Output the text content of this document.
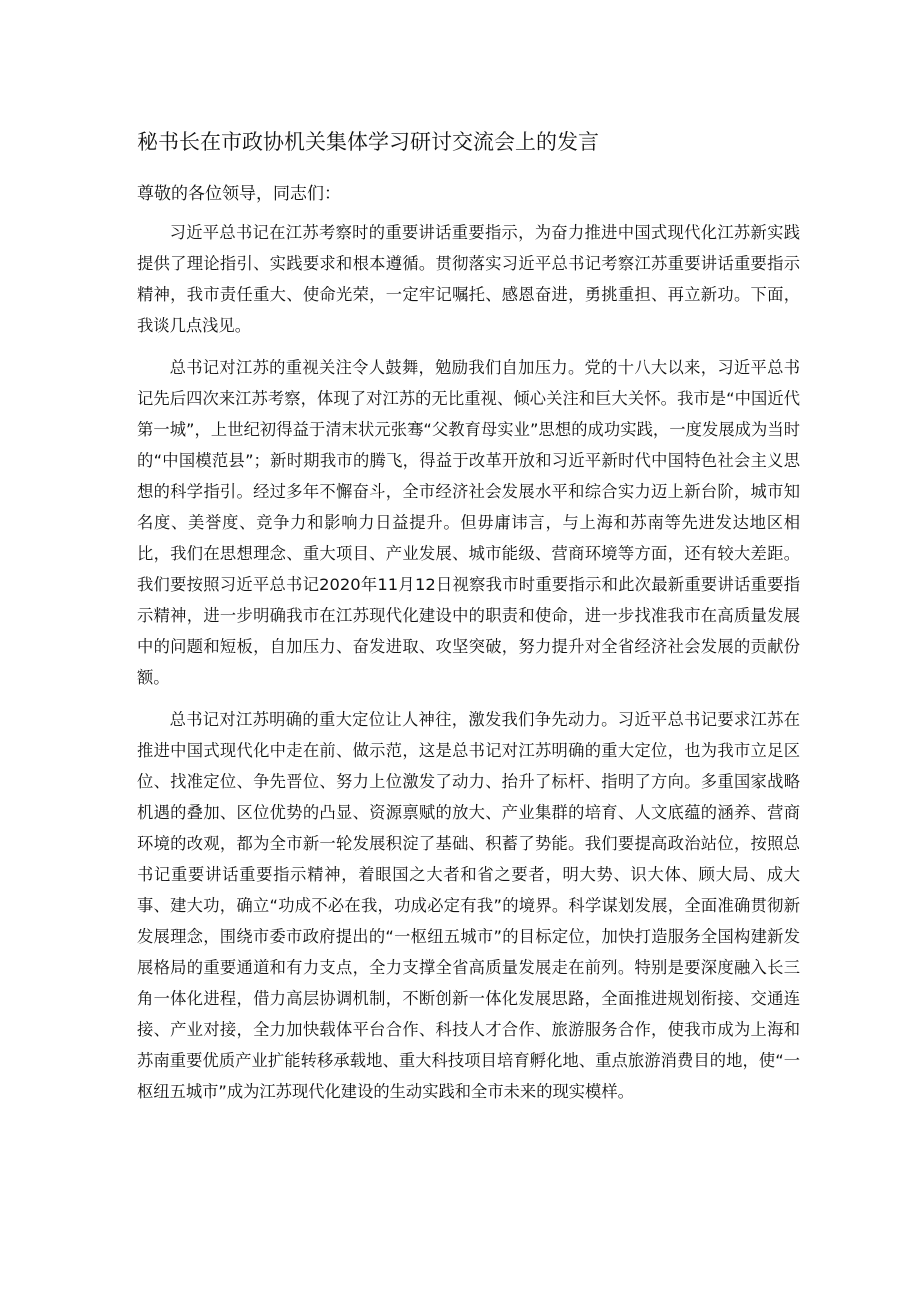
秘书长在市政协机关集体学习研讨交流会上的发言

尊敬的各位领导，同志们：

习近平总书记在江苏考察时的重要讲话重要指示，为奋力推进中国式现代化江苏新实践提供了理论指引、实践要求和根本遵循。贯彻落实习近平总书记考察江苏重要讲话重要指示精神，我市责任重大、使命光荣，一定牢记嘱托、感恩奋进，勇挑重担、再立新功。下面，我谈几点浅见。

总书记对江苏的重视关注令人鼓舞，勉励我们自加压力。党的十八大以来，习近平总书记先后四次来江苏考察，体现了对江苏的无比重视、倾心关注和巨大关怀。我市是“中国近代第一城”，上世纪初得益于清末状元张骞“父教育母实业”思想的成功实践，一度发展成为当时的“中国模范县”；新时期我市的腾飞，得益于改革开放和习近平新时代中国特色社会主义思想的科学指引。经过多年不懈奋斗，全市经济社会发展水平和综合实力迈上新台阶，城市知名度、美誉度、竞争力和影响力日益提升。但毋庸讳言，与上海和苏南等先进发达地区相比，我们在思想理念、重大项目、产业发展、城市能级、营商环境等方面，还有较大差距。我们要按照习近平总书记2020年11月12日视察我市时重要指示和此次最新重要讲话重要指示精神，进一步明确我市在江苏现代化建设中的职责和使命，进一步找准我市在高质量发展中的问题和短板，自加压力、奋发进取、攻坚突破，努力提升对全省经济社会发展的贡献份额。

总书记对江苏明确的重大定位让人神往，激发我们争先动力。习近平总书记要求江苏在推进中国式现代化中走在前、做示范，这是总书记对江苏明确的重大定位，也为我市立足区位、找准定位、争先晋位、努力上位激发了动力、抬升了标杆、指明了方向。多重国家战略机遇的叠加、区位优势的凸显、资源禀赋的放大、产业集群的培育、人文底蕴的涵养、营商环境的改观，都为全市新一轮发展积淀了基础、积蓄了势能。我们要提高政治站位，按照总书记重要讲话重要指示精神，着眼国之大者和省之要者，明大势、识大体、顾大局、成大事、建大功，确立“功成不必在我，功成必定有我”的境界。科学谋划发展，全面准确贯彻新发展理念，围绕市委市政府提出的“一枢纽五城市”的目标定位，加快打造服务全国构建新发展格局的重要通道和有力支点，全力支撑全省高质量发展走在前列。特别是要深度融入长三角一体化进程，借力高层协调机制，不断创新一体化发展思路，全面推进规划衔接、交通连接、产业对接，全力加快载体平台合作、科技人才合作、旅游服务合作，使我市成为上海和苏南重要优质产业扩能转移承载地、重大科技项目培育孵化地、重点旅游消费目的地，使“一枢纽五城市”成为江苏现代化建设的生动实践和全市未来的现实模样。
